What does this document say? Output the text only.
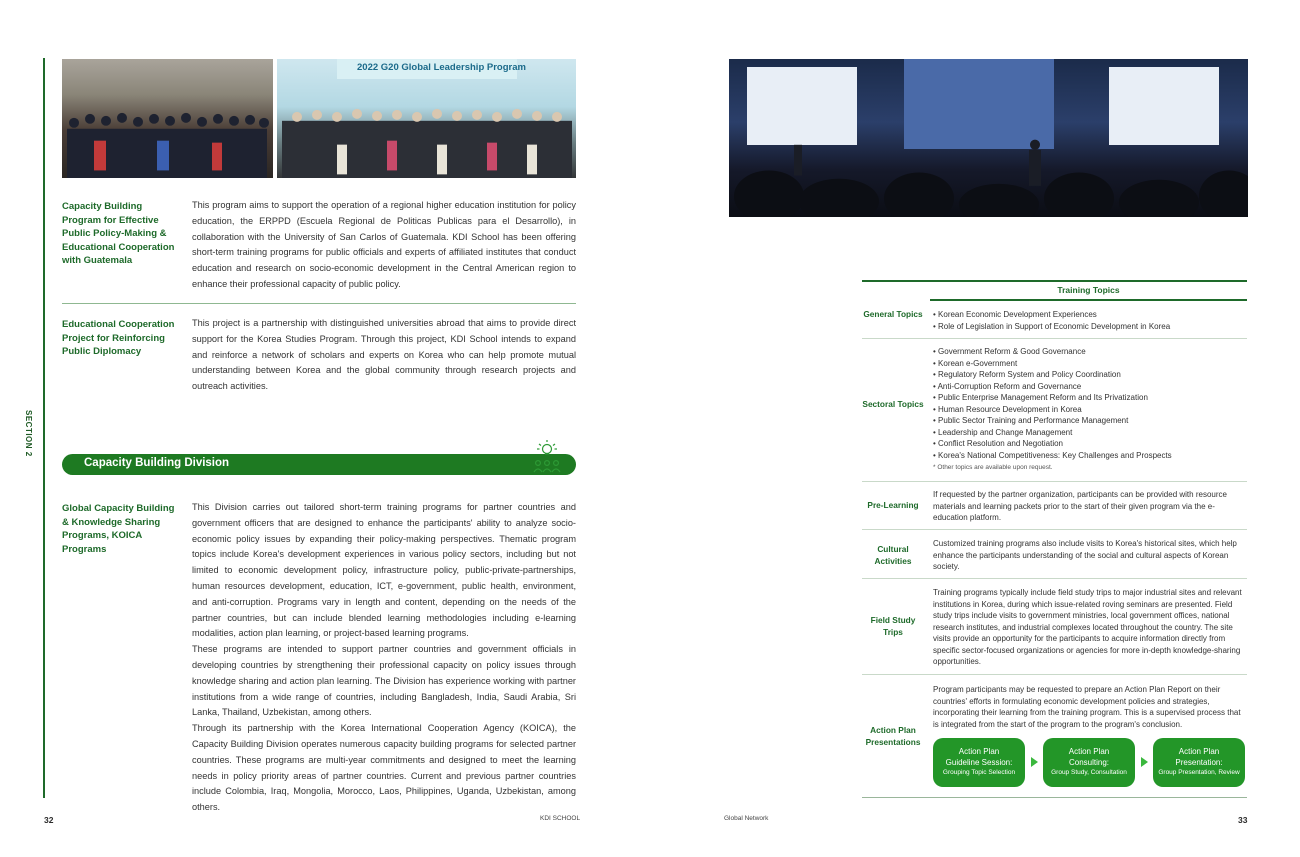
SECTION 2
2022 G20 Global Leadership Program
Capacity Building Program for Effective Public Policy-Making & Educational Cooperation with Guatemala
This program aims to support the operation of a regional higher education institution for policy education, the ERPPD (Escuela Regional de Politicas Publicas para el Desarrollo), in collaboration with the University of San Carlos of Guatemala. KDI School has been offering short-term training programs for public officials and experts of affiliated institutes that conduct education and research on socio-economic development in the Central American region to enhance their professional capacity of public policy.
Educational Cooperation Project for Reinforcing Public Diplomacy
This project is a partnership with distinguished universities abroad that aims to provide direct support for the Korea Studies Program. Through this project, KDI School intends to expand and reinforce a network of scholars and experts on Korea who can help promote mutual understanding between Korea and the global community through research projects and outreach activities.
Capacity Building Division
Global Capacity Building & Knowledge Sharing Programs, KOICA Programs

This Division carries out tailored short-term training programs for partner countries and government officers that are designed to enhance the participants' ability to analyze socio-economic policy issues by expanding their policy-making perspectives. Thematic program topics include Korea's development experiences in various policy sectors, including but not limited to economic development policy, infrastructure policy, public-private-partnerships, human resources development, education, ICT, e-government, public health, environment, and anti-corruption. Programs vary in length and content, depending on the needs of the partner countries, but can include blended learning methodologies including e-learning modalities, action plan learning, or project-based learning programs.

These programs are intended to support partner countries and government officials in developing countries by strengthening their professional capacity on policy issues through knowledge sharing and action plan learning. The Division has experience working with partner institutions from a wide range of countries, including Bangladesh, India, Saudi Arabia, Sri Lanka, Thailand, Uzbekistan, among others.

Through its partnership with the Korea International Cooperation Agency (KOICA), the Capacity Building Division operates numerous capacity building programs for selected partner countries. These programs are multi-year commitments and designed to meet the learning needs in policy priority areas of partner countries. Current and previous partner countries include Colombia, Iraq, Mongolia, Morocco, Laos, Philippines, Uganda, Uzbekistan, among others.

32	KDI SCHOOL
Training Topics
General Topics
•	Korean Economic Development Experiences
• Role of Legislation in Support of Economic Development in Korea
Sectoral Topics
• Government Reform & Good Governance
• Korean e-Government
• Regulatory Reform System and Policy Coordination
• Anti-Corruption Reform and Governance
• Public Enterprise Management Reform and Its Privatization
• Human Resource Development in Korea
• Public Sector Training and Performance Management
• Leadership and Change Management
• Conflict Resolution and Negotiation
• Korea's National Competitiveness: Key Challenges and Prospects
* Other topics are available upon request.
Pre-Learning
If requested by the partner organization, participants can be provided with resource materials and learning packets prior to the start of their given program via the e-education platform.
Cultural Activities
Customized training programs also include visits to Korea's historical sites, which help enhance the participants understanding of the social and cultural aspects of Korean society.
Field Study Trips
Training programs typically include field study trips to major industrial sites and relevant institutions in Korea, during which issue-related roving seminars are presented. Field study trips include visits to government ministries, local government offices, national research institutes, and industrial complexes located throughout the country. The site visits provide an opportunity for the participants to acquire information directly from specific sector-focused organizations or agencies for more in-depth knowledge-sharing opportunities.
Action Plan Presentations
Program participants may be requested to prepare an Action Plan Report on their countries' efforts in formulating economic development policies and strategies, incorporating their learning from the training program. This is a supervised process that is integrated from the start of the program to the program's conclusion.
Action Plan
Guideline Session:
Grouping Topic Selection
Action Plan
Consulting:
Group Study, Consultation
Action Plan
Presentation:
Group Presentation, Review
Global Network	33
